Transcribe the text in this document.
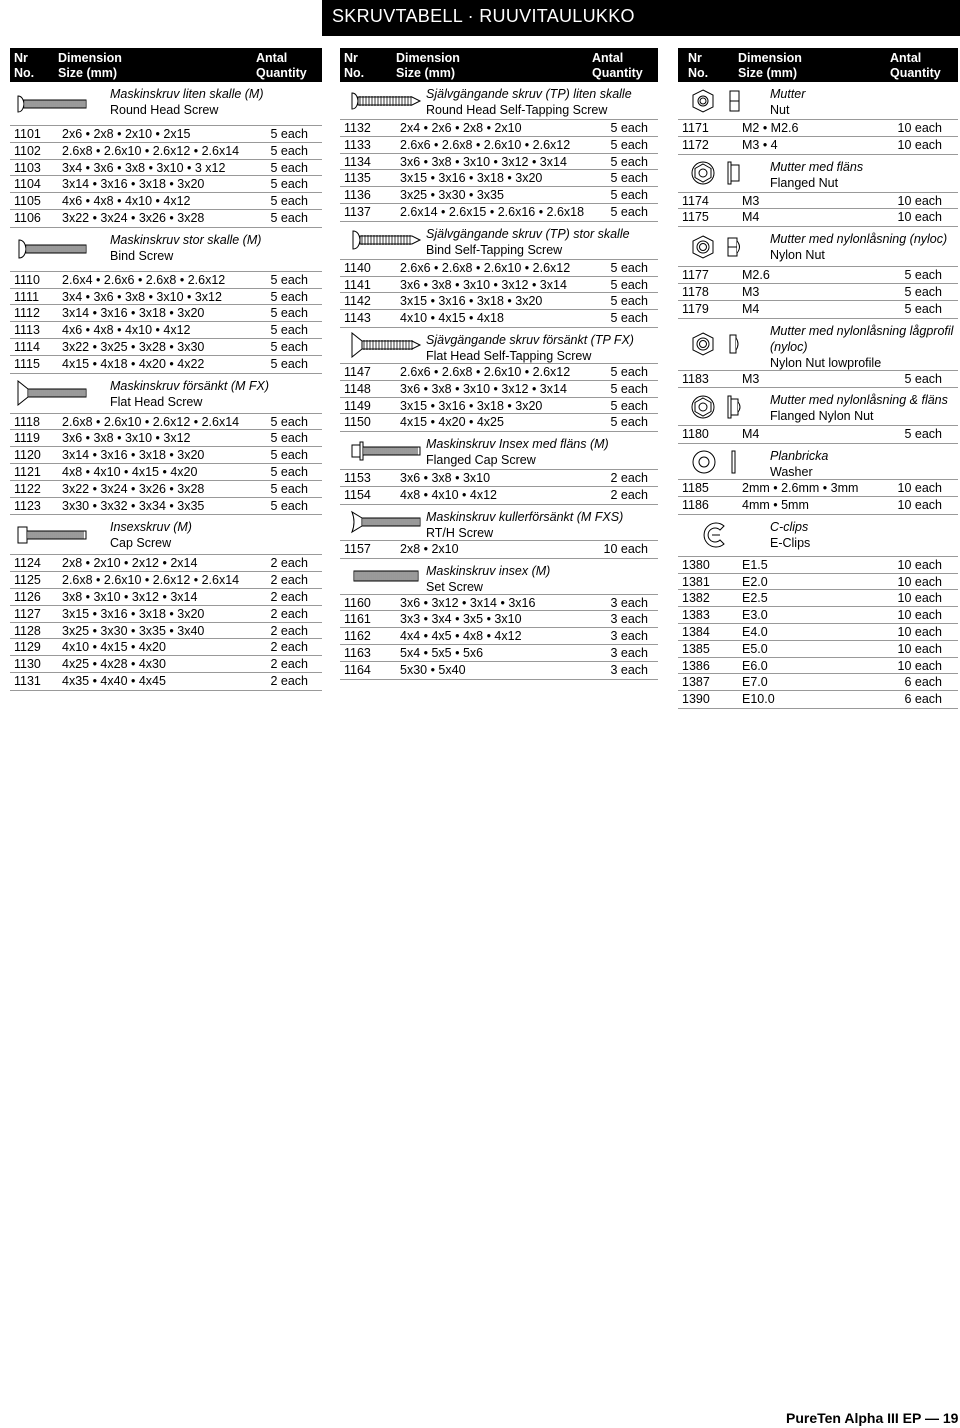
SKRUVTABELL · RUUVITAULUKKO
Nr
No.
Dimension
Size (mm)
Antal
Quantity
Maskinskruv liten skalle (M)
Round Head Screw
1101 2x6 • 2x8 • 2x10 • 2x15	5 each
1102 2.6x8 • 2.6x10 • 2.6x12 • 2.6x14	5 each
1103 3x4 • 3x6 • 3x8 • 3x10 • 3 x12	5 each
1104 3x14 • 3x16 • 3x18 • 3x20	5 each
1105 4x6 • 4x8 • 4x10 • 4x12	5 each
1106 3x22 • 3x24 • 3x26 • 3x28	5 each
Maskinskruv stor skalle (M)
Bind Screw
1110 2.6x4 • 2.6x6 • 2.6x8 • 2.6x12	5 each
1111 3x4 • 3x6 • 3x8 • 3x10 • 3x12	5 each
1112 3x14 • 3x16 • 3x18 • 3x20	5 each
1113 4x6 • 4x8 • 4x10 • 4x12	5 each
1114 3x22 • 3x25 • 3x28 • 3x30	5 each
1115 4x15 • 4x18 • 4x20 • 4x22	5 each
Maskinskruv försänkt (M FX)
Flat Head Screw
1118 2.6x8 • 2.6x10 • 2.6x12 • 2.6x14	5 each
1119 3x6 • 3x8 • 3x10 • 3x12	5 each
1120 3x14 • 3x16 • 3x18 • 3x20	5 each
1121 4x8 • 4x10 • 4x15 • 4x20	5 each
1122 3x22 • 3x24 • 3x26 • 3x28	5 each
1123 3x30 • 3x32 • 3x34 • 3x35	5 each
Insexskruv (M)
Cap Screw
1124 2x8 • 2x10 • 2x12 • 2x14	2 each
1125 2.6x8 • 2.6x10 • 2.6x12 • 2.6x14	2 each
1126 3x8 • 3x10 • 3x12 • 3x14	2 each
1127 3x15 • 3x16 • 3x18 • 3x20	2 each
1128 3x25 • 3x30 • 3x35 • 3x40	2 each
1129 4x10 • 4x15 • 4x20	2 each
1130 4x25 • 4x28 • 4x30	2 each
1131 4x35 • 4x40 • 4x45	2 each
Nr
No.
Dimension
Size (mm)
Antal
Quantity
Självgängande skruv (TP) liten skalle
Round Head Self-Tapping Screw
1132 2x4 • 2x6 • 2x8 • 2x10	5 each
1133 2.6x6 • 2.6x8 • 2.6x10 • 2.6x12	5 each
1134 3x6 • 3x8 • 3x10 • 3x12 • 3x14	5 each
1135 3x15 • 3x16 • 3x18 • 3x20	5 each
1136 3x25 • 3x30 • 3x35	5 each
1137 2.6x14 • 2.6x15 • 2.6x16 • 2.6x18 5 each
Självgängande skruv (TP) stor skalle
Bind Self-Tapping Screw
1140 2.6x6 • 2.6x8 • 2.6x10 • 2.6x12	5 each
1141 3x6 • 3x8 • 3x10 • 3x12 • 3x14	5 each
1142 3x15 • 3x16 • 3x18 • 3x20	5 each
1143 4x10 • 4x15 • 4x18	5 each
Sjävgängande skruv försänkt (TP FX)
Flat Head Self-Tapping Screw
1147 2.6x6 • 2.6x8 • 2.6x10 • 2.6x12	5 each
1148 3x6 • 3x8 • 3x10 • 3x12 • 3x14	5 each
1149 3x15 • 3x16 • 3x18 • 3x20	5 each
1150 4x15 • 4x20 • 4x25	5 each
Maskinskruv Insex med fläns (M)
Flanged Cap Screw
1153 3x6 • 3x8 • 3x10	2 each
1154 4x8 • 4x10 • 4x12	2 each
Maskinskruv kullerförsänkt (M FXS)
RT/H Screw
1157 2x8 • 2x10	10 each
Maskinskruv insex (M)
Set Screw
1160 3x6 • 3x12 • 3x14 • 3x16	3 each
1161 3x3 • 3x4 • 3x5 • 3x10	3 each
1162 4x4 • 4x5 • 4x8 • 4x12	3 each
1163 5x4 • 5x5 • 5x6	3 each
1164 5x30 • 5x40	3 each
Nr
No.
Dimension
Size (mm)
Antal
Quantity
Mutter
Nut
1171	M2 • M2.6	10 each
1172	M3 • 4	10 each
Mutter med fläns
Flanged Nut
1174	M3	10 each
1175	M4	10 each
Mutter med nylonlåsning (nyloc)
Nylon Nut
1177	M2.6	5 each
1178	M3	5 each
1179	M4	5 each
Mutter med nylonlåsning lågprofil (nyloc)
Nylon Nut lowprofile
1183	M3	5 each
Mutter med nylonlåsning & fläns
Flanged Nylon Nut
1180	M4	5 each
Planbricka
Washer
1185	2mm • 2.6mm • 3mm	10 each
1186	4mm • 5mm	10 each
C-clips
E-Clips
1380	E1.5	10 each
1381	E2.0	10 each
1382	E2.5	10 each
1383	E3.0	10 each
1384	E4.0	10 each
1385	E5.0	10 each
1386	E6.0	10 each
1387	E7.0	6 each
1390	E10.0	6 each
PureTen Alpha III EP — 19
